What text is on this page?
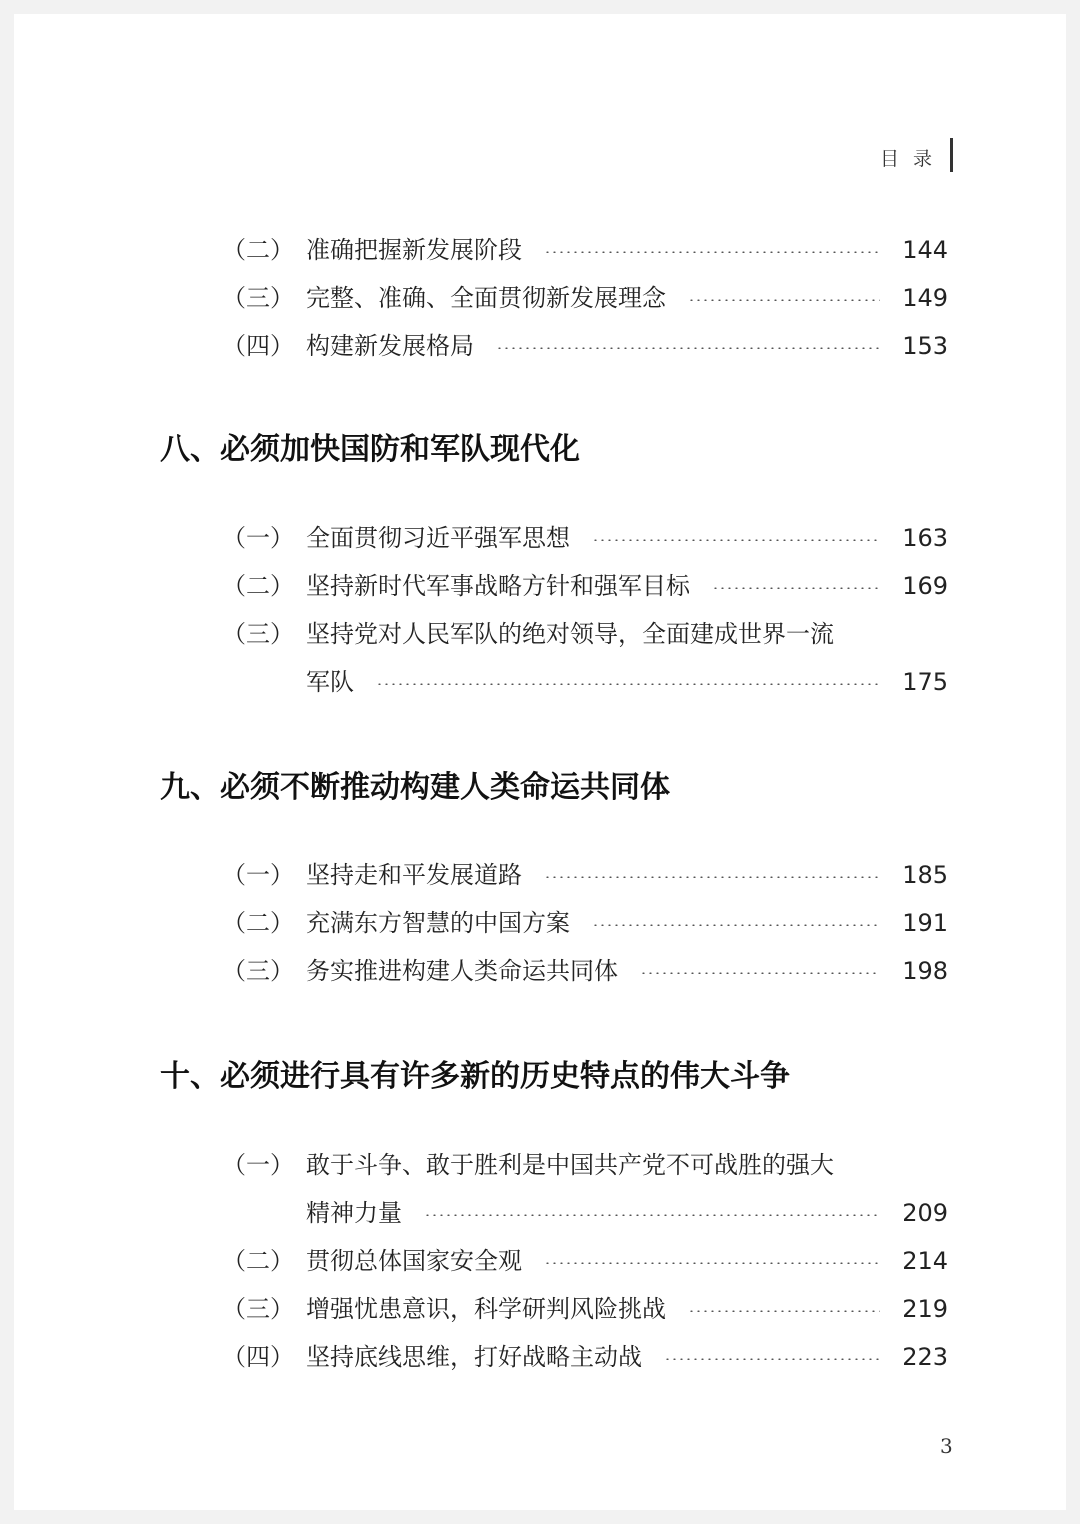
目录
（二） 准确把握新发展阶段	144
（三） 完整、准确、全面贯彻新发展理念	149
（四） 构建新发展格局	153
八、必须加快国防和军队现代化
（一） 全面贯彻习近平强军思想	163
（二） 坚持新时代军事战略方针和强军目标	169
（三） 坚持党对人民军队的绝对领导，全面建成世界一流
军队	175
九、必须不断推动构建人类命运共同体
（一） 坚持走和平发展道路	185
（二） 充满东方智慧的中国方案	191
（三） 务实推进构建人类命运共同体	198
十、必须进行具有许多新的历史特点的伟大斗争
（一） 敢于斗争、敢于胜利是中国共产党不可战胜的强大
精神力量	209
（二） 贯彻总体国家安全观	214
（三） 增强忧患意识，科学研判风险挑战	219
（四） 坚持底线思维，打好战略主动战	223
3
